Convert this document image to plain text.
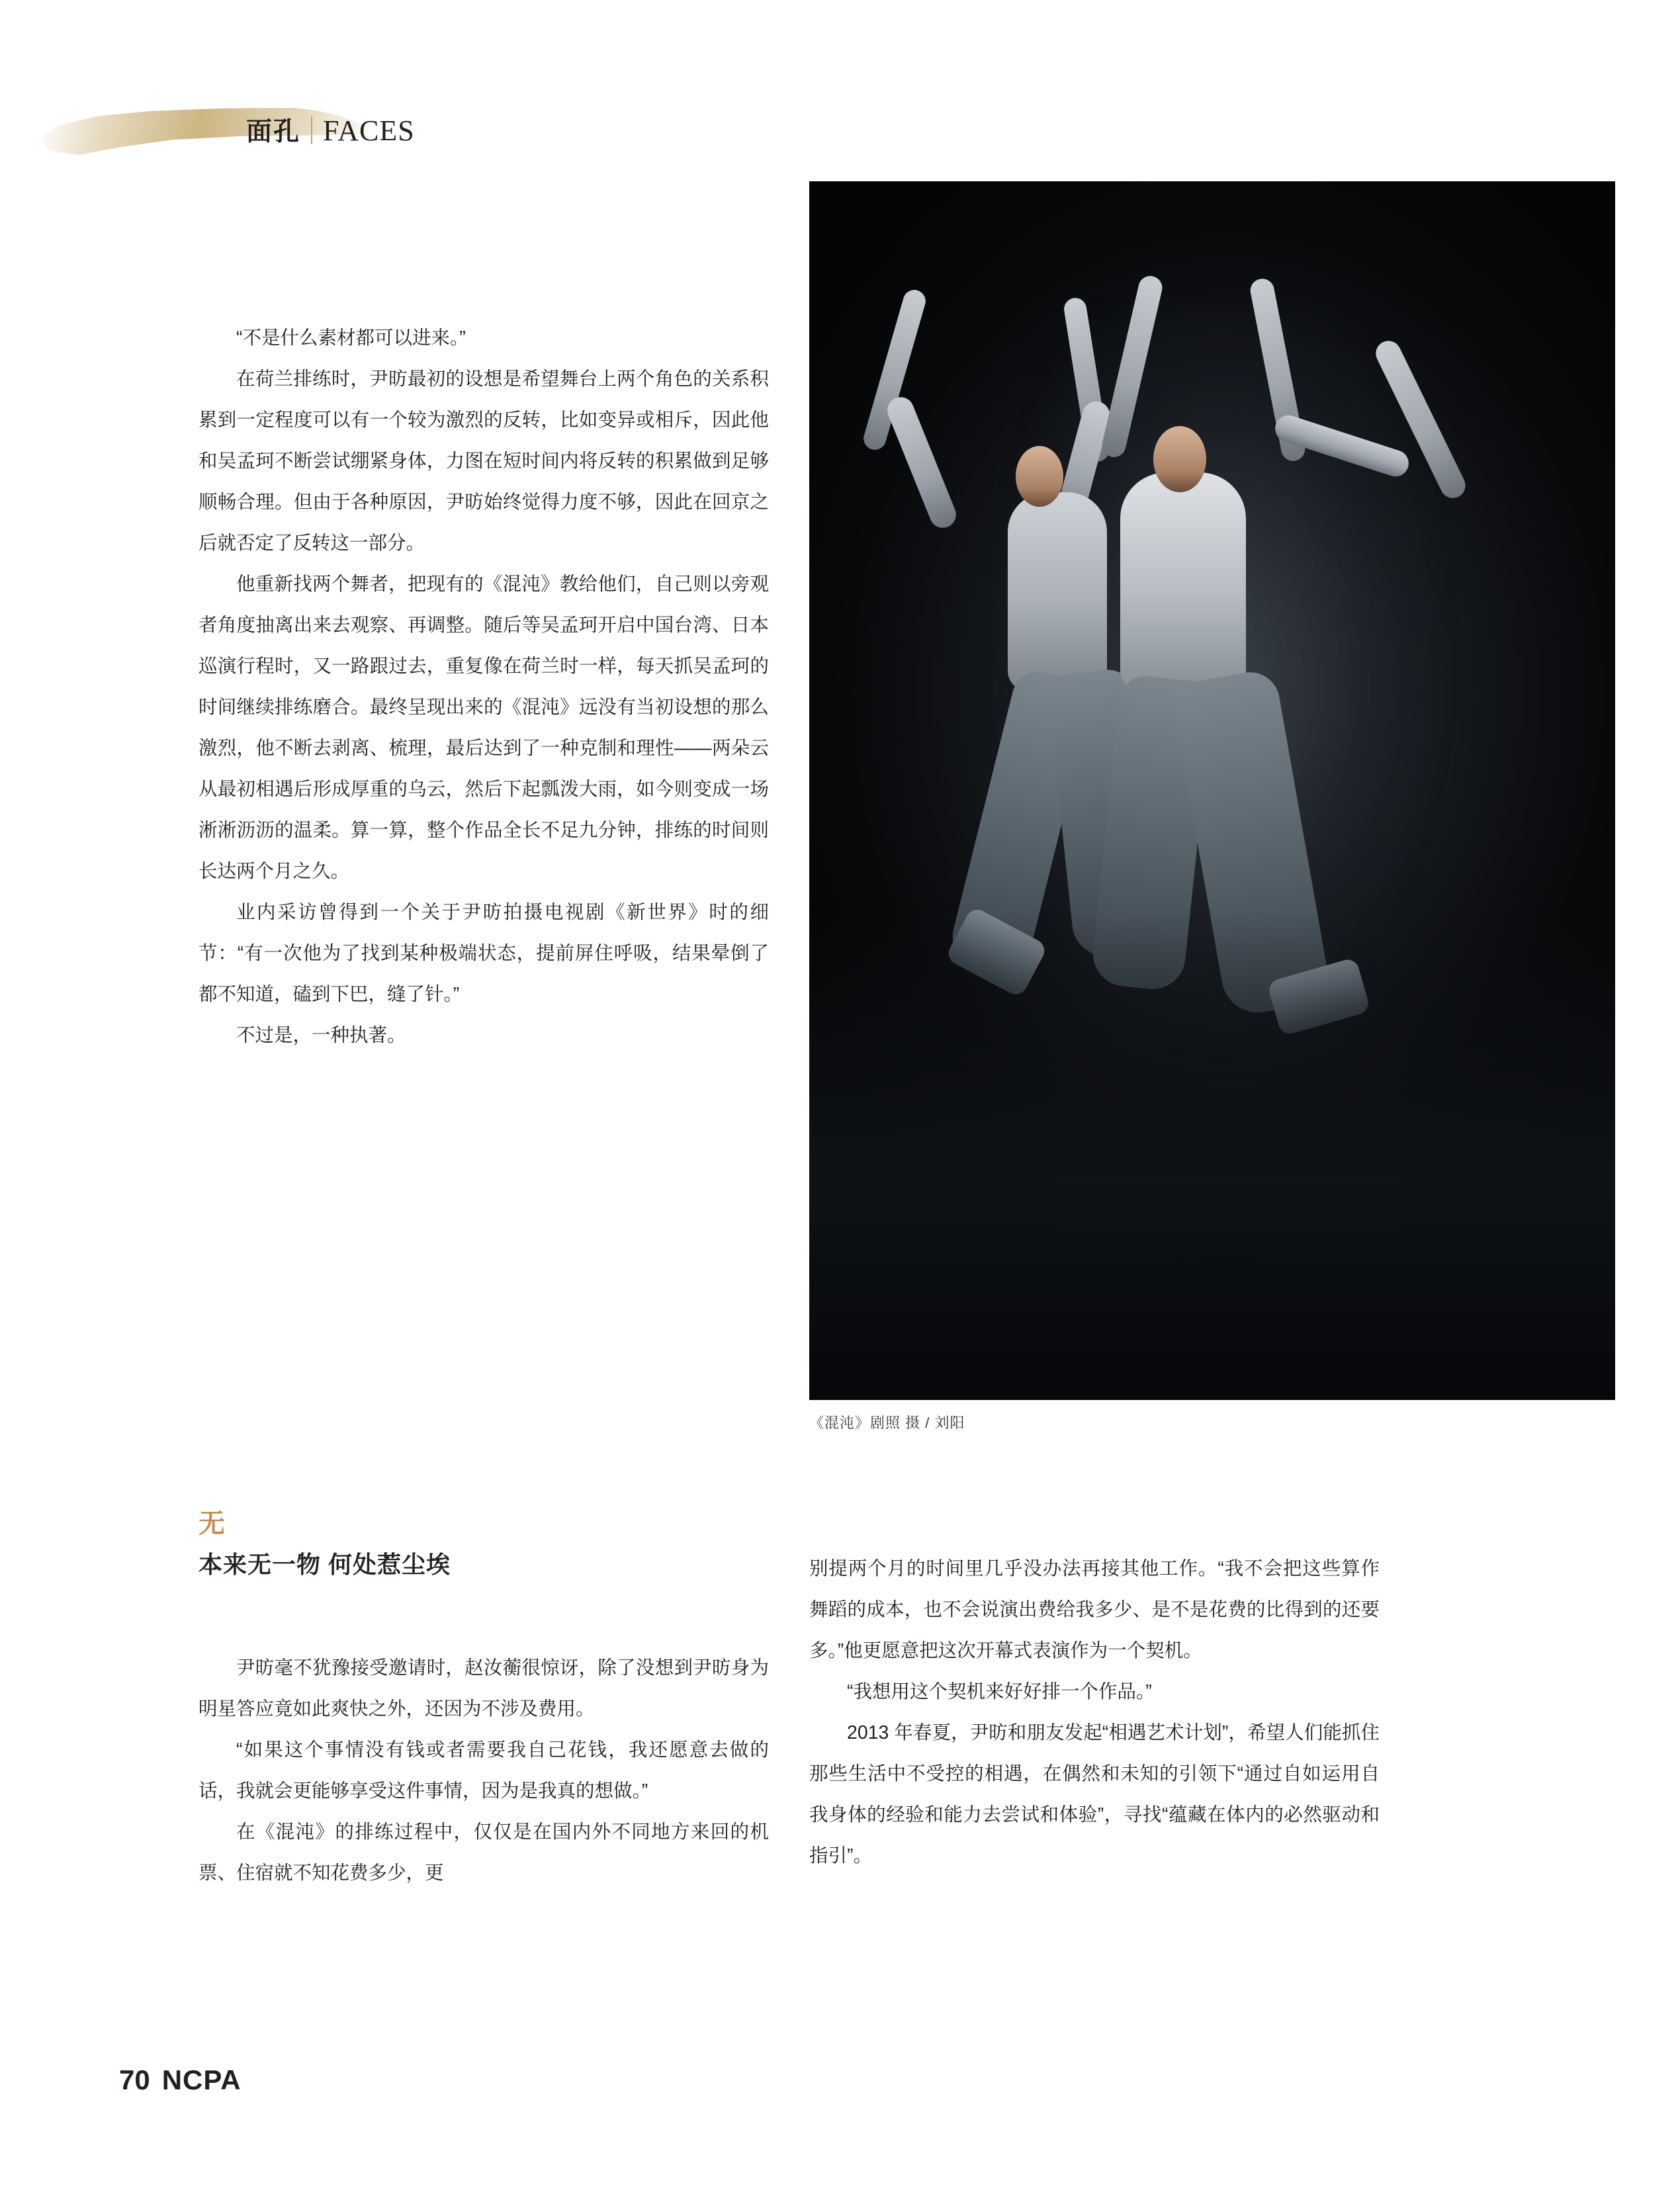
面孔 FACES
《混沌》剧照 摄 / 刘阳

“不是什么素材都可以进来。”

在荷兰排练时，尹昉最初的设想是希望舞台上两个角色的关系积累到一定程度可以有一个较为激烈的反转，比如变异或相斥，因此他和吴孟珂不断尝试绷紧身体，力图在短时间内将反转的积累做到足够顺畅合理。但由于各种原因，尹昉始终觉得力度不够，因此在回京之后就否定了反转这一部分。

他重新找两个舞者，把现有的《混沌》教给他们，自己则以旁观者角度抽离出来去观察、再调整。随后等吴孟珂开启中国台湾、日本巡演行程时，又一路跟过去，重复像在荷兰时一样，每天抓吴孟珂的时间继续排练磨合。最终呈现出来的《混沌》远没有当初设想的那么激烈，他不断去剥离、梳理，最后达到了一种克制和理性——两朵云从最初相遇后形成厚重的乌云，然后下起瓢泼大雨，如今则变成一场淅淅沥沥的温柔。算一算，整个作品全长不足九分钟，排练的时间则长达两个月之久。

业内采访曾得到一个关于尹昉拍摄电视剧《新世界》时的细节：“有一次他为了找到某种极端状态，提前屏住呼吸，结果晕倒了都不知道，磕到下巴，缝了针。”

不过是，一种执著。

无
本来无一物 何处惹尘埃

尹昉毫不犹豫接受邀请时，赵汝蘅很惊讶，除了没想到尹昉身为明星答应竟如此爽快之外，还因为不涉及费用。

“如果这个事情没有钱或者需要我自己花钱，我还愿意去做的话，我就会更能够享受这件事情，因为是我真的想做。”

在《混沌》的排练过程中，仅仅是在国内外不同地方来回的机票、住宿就不知花费多少，更

别提两个月的时间里几乎没办法再接其他工作。“我不会把这些算作舞蹈的成本，也不会说演出费给我多少、是不是花费的比得到的还要多。”他更愿意把这次开幕式表演作为一个契机。

“我想用这个契机来好好排一个作品。”

2013 年春夏，尹昉和朋友发起“相遇艺术计划”，希望人们能抓住那些生活中不受控的相遇，在偶然和未知的引领下“通过自如运用自我身体的经验和能力去尝试和体验”，寻找“蕴藏在体内的必然驱动和指引”。

70 NCPA
